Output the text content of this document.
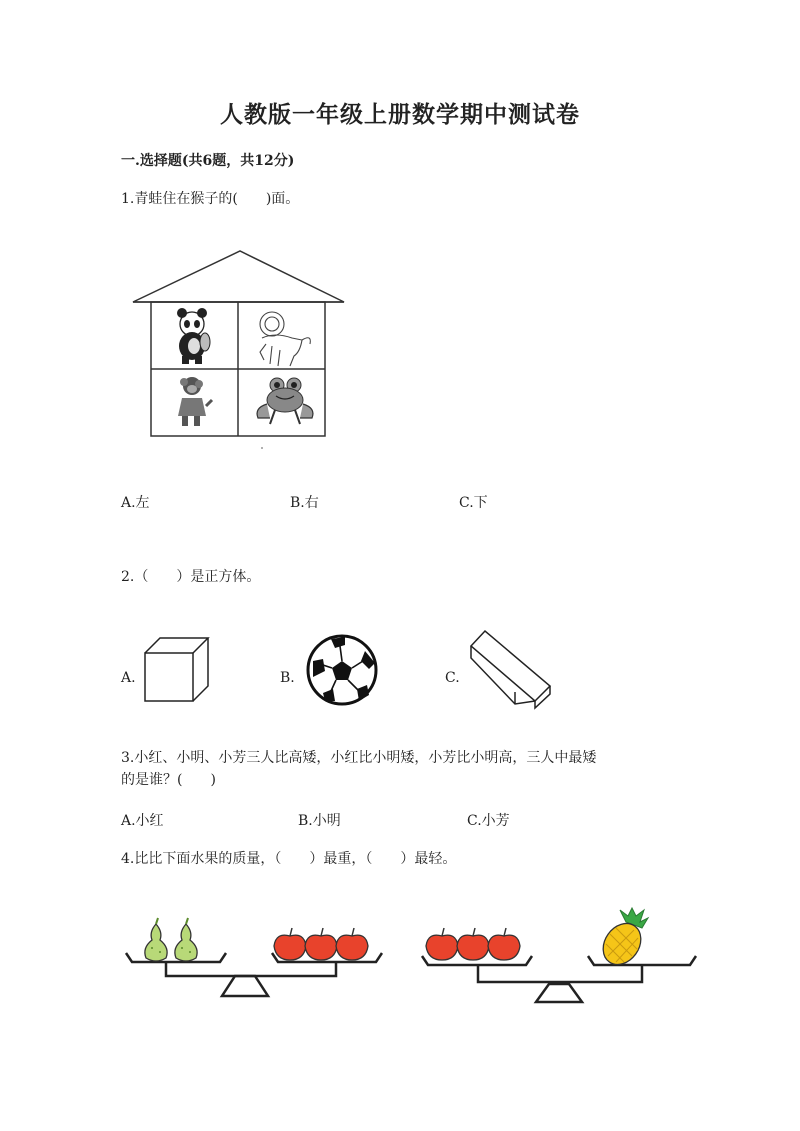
人教版一年级上册数学期中测试卷
一.选择题(共6题，共12分)
1.青蛙住在猴子的(　　)面。
A.左	B.右	C.下
2.（　　）是正方体。
A.	B.	C.
3.小红、小明、小芳三人比高矮，小红比小明矮，小芳比小明高，三人中最矮
的是谁？(　　)
A.小红	B.小明	C.小芳
4.比比下面水果的质量，（　　）最重，（　　）最轻。
